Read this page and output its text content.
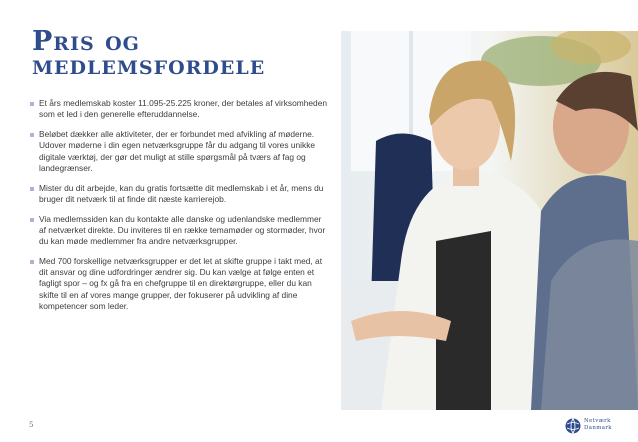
Pris og
medlemsfordele
Et års medlemskab koster 11.095-25.225 kroner, der betales af virksomheden som et led i den generelle efteruddannelse.
Beløbet dækker alle aktiviteter, der er forbundet med afvikling af møderne. Udover møderne i din egen netværksgruppe får du adgang til vores unikke digitale værktøj, der gør det muligt at stille spørgsmål på tværs af fag og landegrænser.
Mister du dit arbejde, kan du gratis fortsætte dit medlemskab i et år, mens du bruger dit netværk til at finde dit næste karrierejob.
Via medlemssiden kan du kontakte alle danske og udenlandske medlemmer af netværket direkte. Du inviteres til en række temamøder og stormøder, hvor du kan møde medlemmer fra andre netværksgrupper.
Med 700 forskellige netværksgrupper er det let at skifte gruppe i takt med, at dit ansvar og dine udfordringer ændrer sig. Du kan vælge at følge enten et fagligt spor – og fx gå fra en chefgruppe til en direktørgruppe, eller du kan skifte til en af vores mange grupper, der fokuserer på udvikling af dine kompetencer som leder.
5	Netværk
Danmark
